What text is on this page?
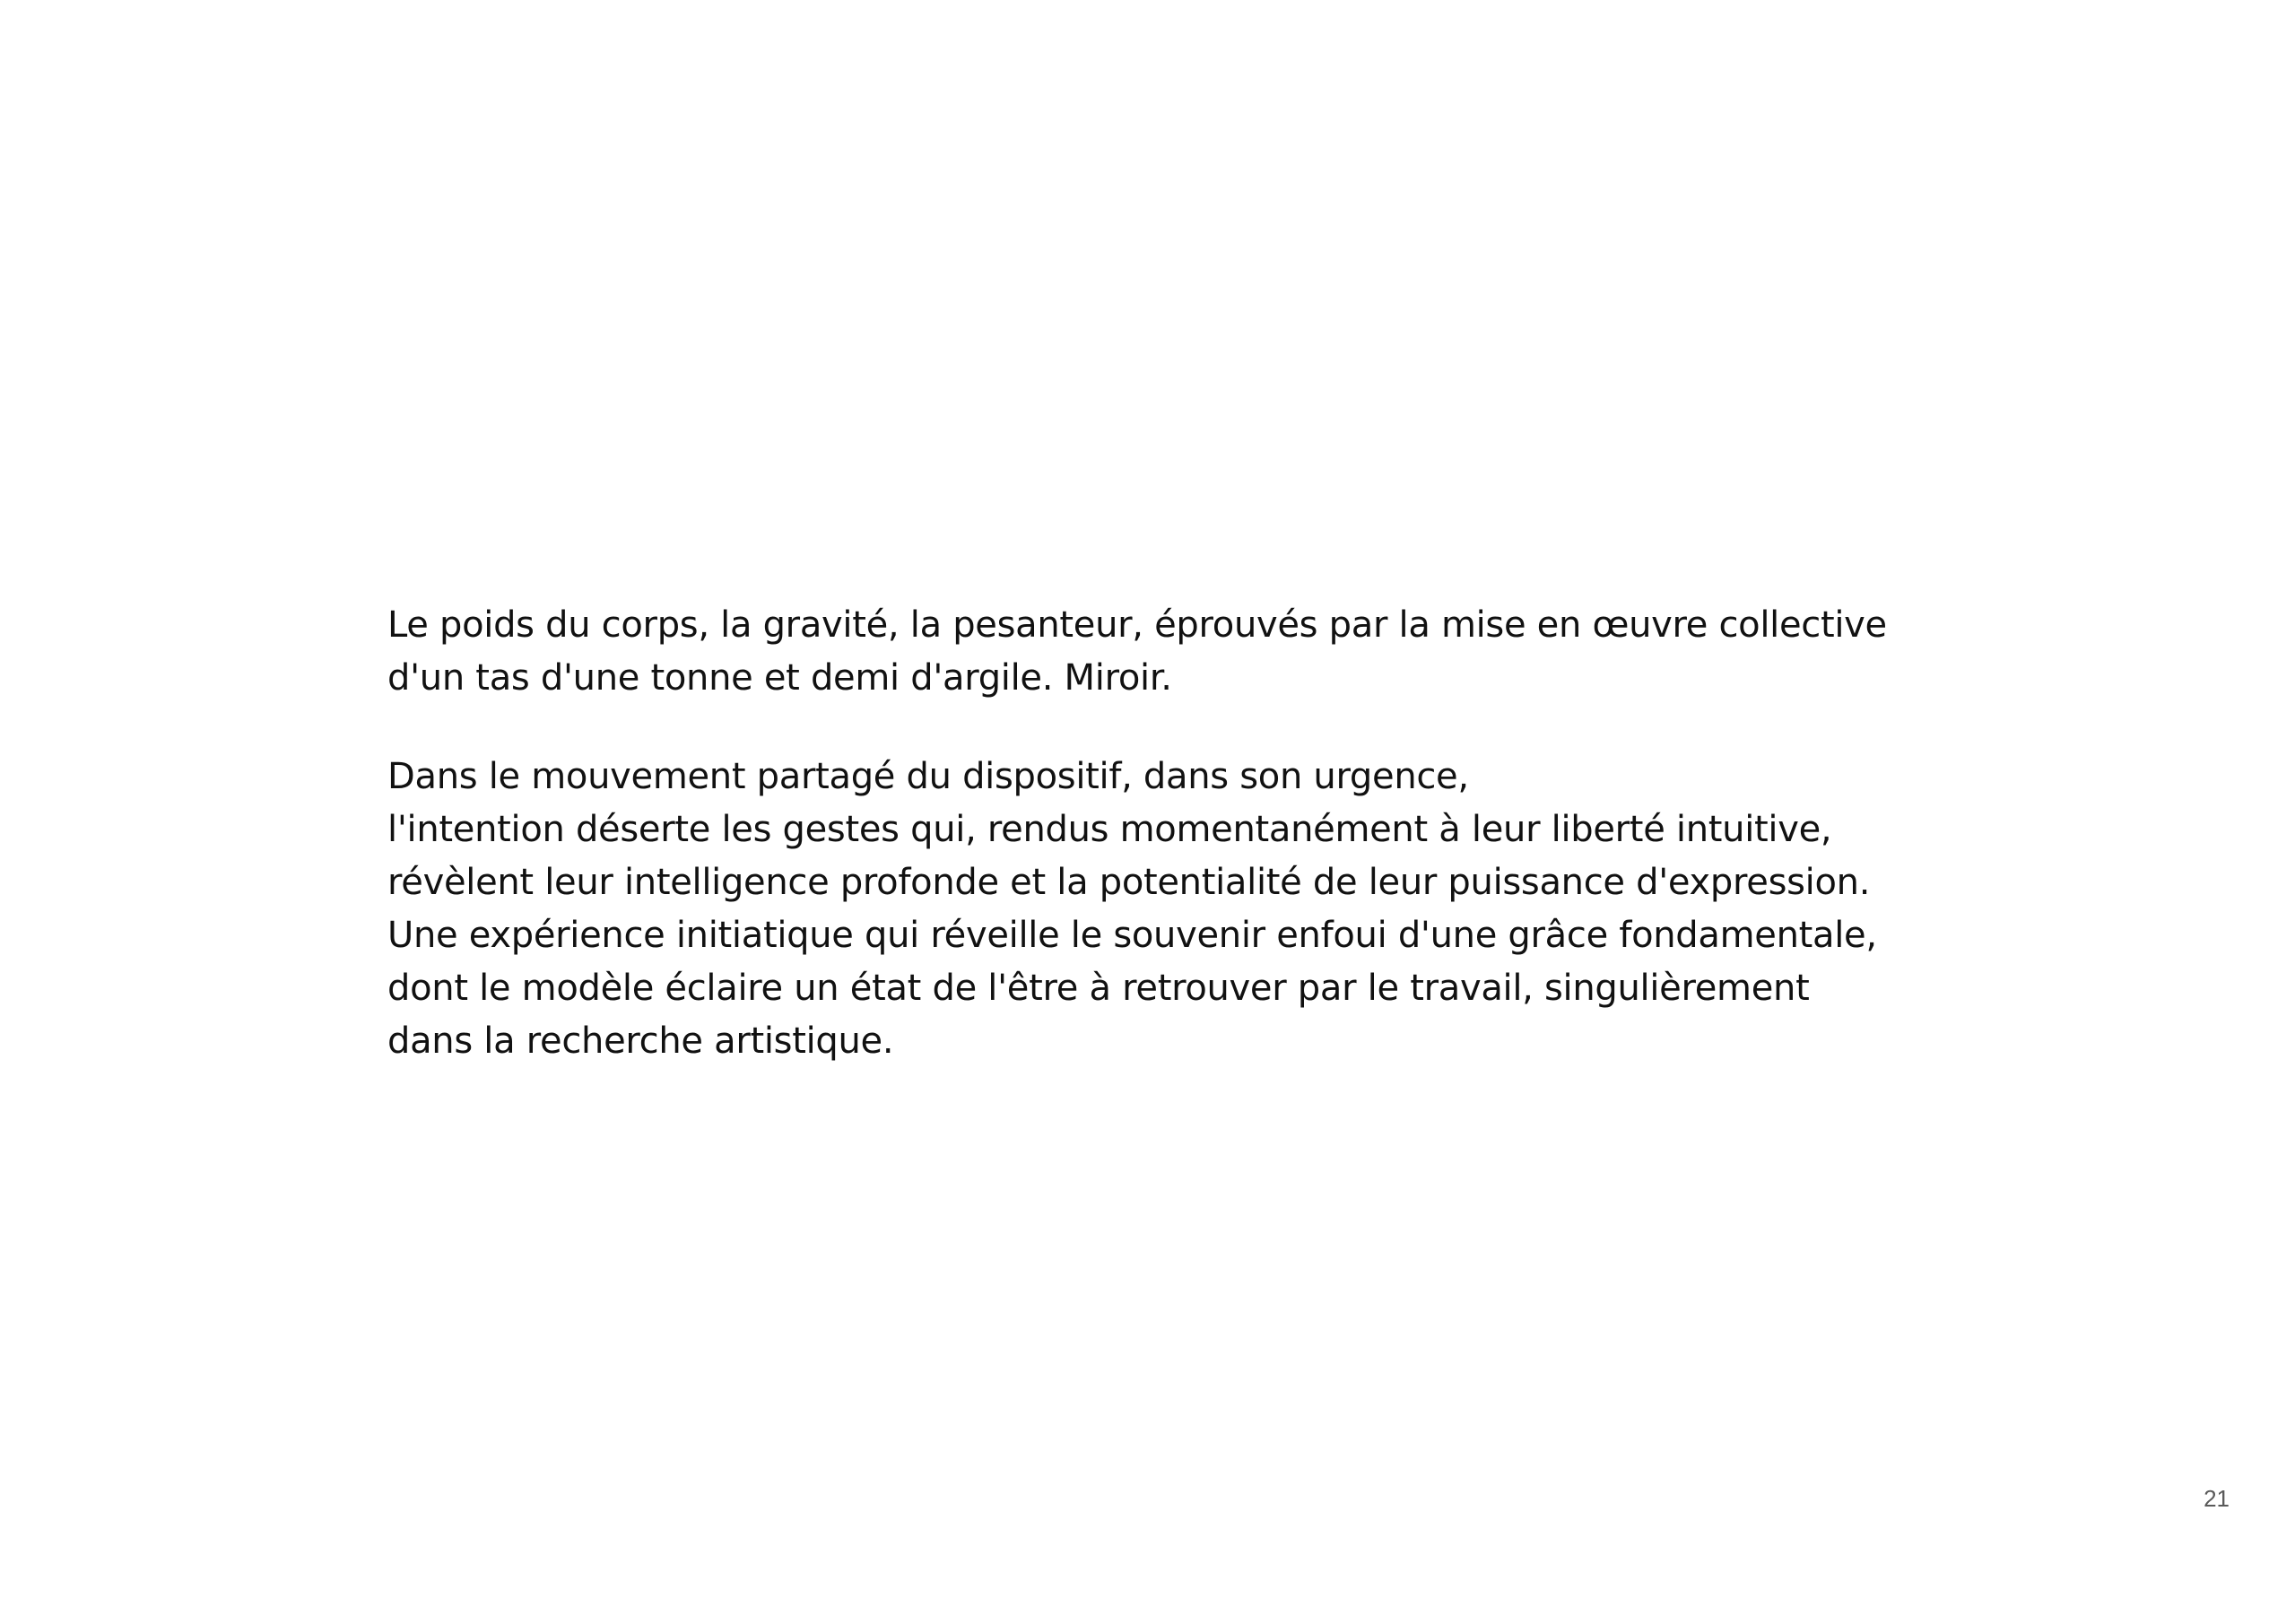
Le poids du corps, la gravité, la pesanteur, éprouvés par la mise en œuvre collective
d'un tas d'une tonne et demi d'argile. Miroir.

Dans le mouvement partagé du dispositif, dans son urgence,
l'intention déserte les gestes qui, rendus momentanément à leur liberté intuitive,
révèlent leur intelligence profonde et la potentialité de leur puissance d'expression.
Une expérience initiatique qui réveille le souvenir enfoui d'une grâce fondamentale,
dont le modèle éclaire un état de l'être à retrouver par le travail, singulièrement
dans la recherche artistique.

21
